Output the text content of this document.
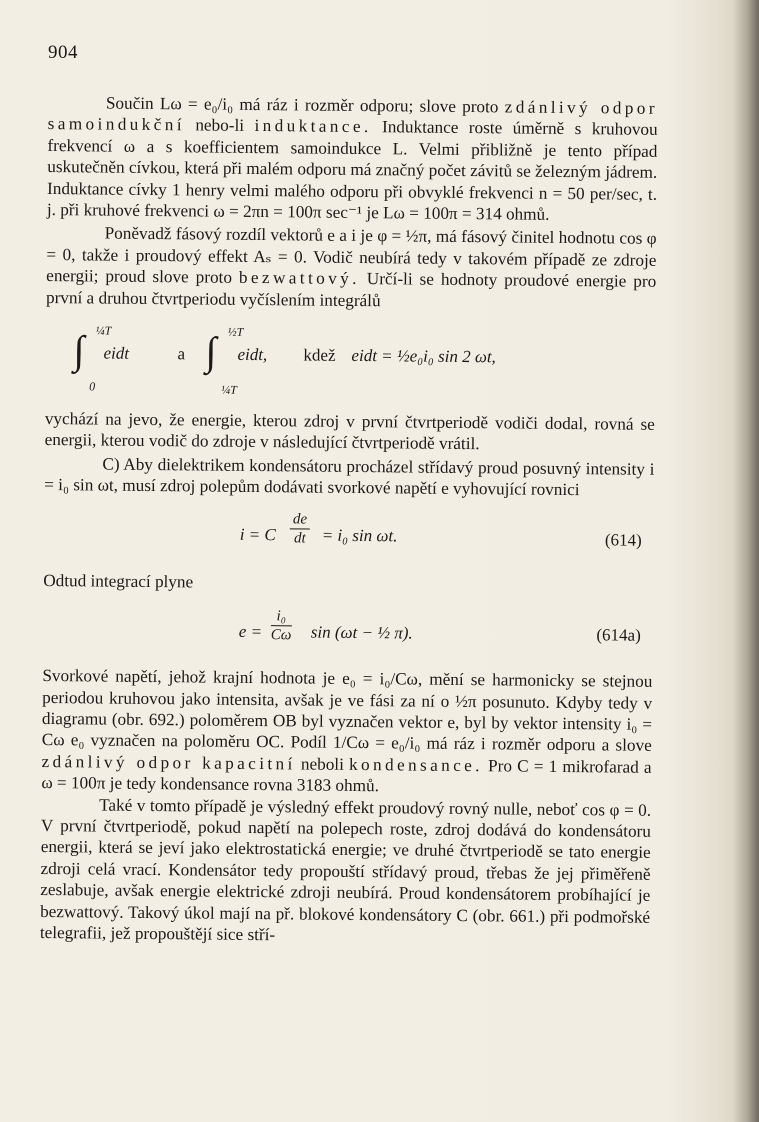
904

Součin Lω = e₀/i₀ má ráz i rozměr odporu; slove proto zdánlivý odpor samoindukční nebo-li induktance. Induktance roste úměrně s kruhovou frekvencí ω a s koefficientem samoindukce L. Velmi přibližně je tento případ uskutečněn cívkou, která při malém odporu má značný počet závitů se železným jádrem. Induktance cívky 1 henry velmi malého odporu při obvyklé frekvenci n = 50 per/sec, t. j. při kruhové frekvenci ω = 2πn = 100π sec⁻¹ je Lω = 100π = 314 ohmů.

Poněvadž fásový rozdíl vektorů e a i je φ = ½π, má fásový činitel hodnotu cos φ = 0, takže i proudový effekt Aₛ = 0. Vodič neubírá tedy v takovém případě ze zdroje energii; proud slove proto bezwattový. Určí-li se hodnoty proudové energie pro první a druhou čtvrtperiodu vyčíslením integrálů

∫ ¼T
0
eidt	a ∫ ½T
¼T
eidt, kdež eidt = ½e₀i₀ sin 2 ωt,

vychází na jevo, že energie, kterou zdroj v první čtvrtperiodě vodiči dodal, rovná se energii, kterou vodič do zdroje v následující čtvrtperiodě vrátil.

C) Aby dielektrikem kondensátoru procházel střídavý proud posuvný intensity i = i₀ sin ωt, musí zdroj polepům dodávati svorkové napětí e vyhovující rovnici

i = C $\frac{de}{dt} = i_0$ sin ωt.	(614)

Odtud integrací plyne

$e = \frac{\text{i₀}}{C\omega}$ sin (ωt − ½ π).	(614a)

Svorkové napětí, jehož krajní hodnota je e₀ = i₀/Cω, mění se harmonicky se stejnou periodou kruhovou jako intensita, avšak je ve fási za ní o ½π posunuto. Kdyby tedy v diagramu (obr. 692.) poloměrem OB byl vyznačen vektor e, byl by vektor intensity i₀ = Cω e₀ vyznačen na poloměru OC. Podíl 1/Cω = e₀/i₀ má ráz i rozměr odporu a slove zdánlivý odpor kapacitní neboli kondensance. Pro C = 1 mikrofarad a ω = 100π je tedy kondensance rovna 3183 ohmů.

Také v tomto případě je výsledný effekt proudový rovný nulle, neboť cos φ = 0. V první čtvrtperiodě, pokud napětí na polepech roste, zdroj dodává do kondensátoru energii, která se jeví jako elektrostatická energie; ve druhé čtvrtperiodě se tato energie zdroji celá vrací. Kondensátor tedy propouští střídavý proud, třebas že jej přiměřeně zeslabuje, avšak energie elektrické zdroji neubírá. Proud kondensátorem probíhající je bezwattový. Takový úkol mají na př. blokové kondensátory C (obr. 661.) při podmořské telegrafii, jež propouštějí sice stří-
